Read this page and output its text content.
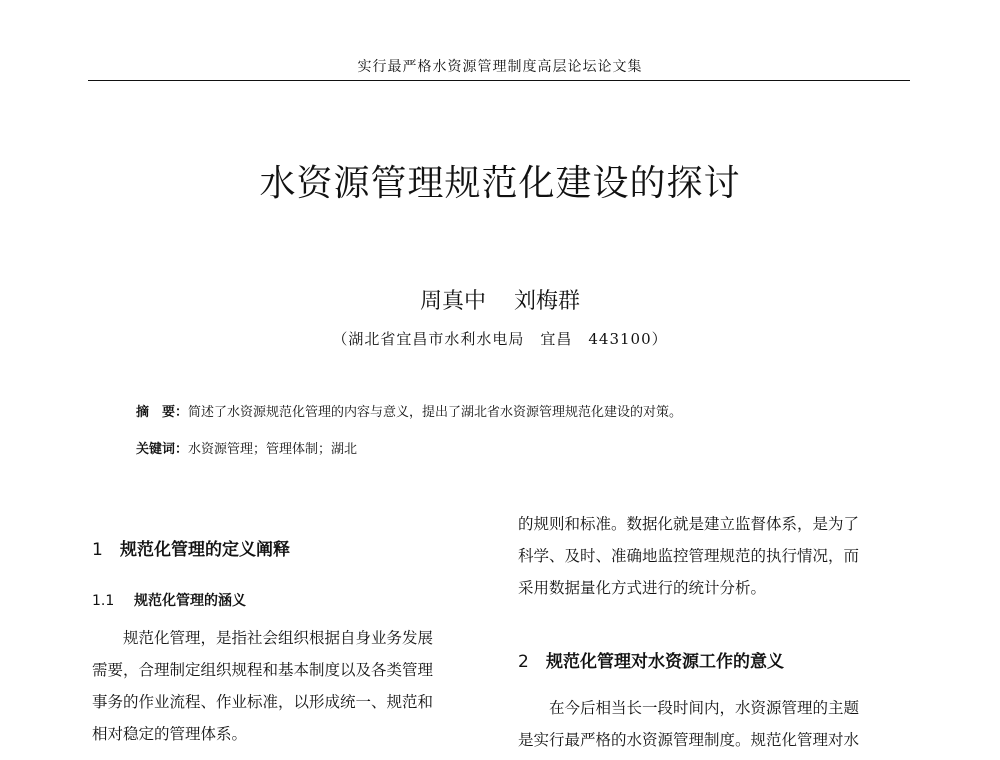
实行最严格水资源管理制度高层论坛论文集
水资源管理规范化建设的探讨
周真中 刘梅群
（湖北省宜昌市水利水电局　宜昌　443100）
摘　要：简述了水资源规范化管理的内容与意义，提出了湖北省水资源管理规范化建设的对策。
关键词：水资源管理；管理体制；湖北
1 规范化管理的定义阐释
1.1 规范化管理的涵义

　　规范化管理，是指社会组织根据自身业务发展
需要，合理制定组织规程和基本制度以及各类管理
事务的作业流程、作业标准，以形成统一、规范和
相对稳定的管理体系。

的规则和标准。数据化就是建立监督体系，是为了
科学、及时、准确地监控管理规范的执行情况，而
采用数据量化方式进行的统计分析。

2 规范化管理对水资源工作的意义

　　在今后相当长一段时间内，水资源管理的主题
是实行最严格的水资源管理制度。规范化管理对水
